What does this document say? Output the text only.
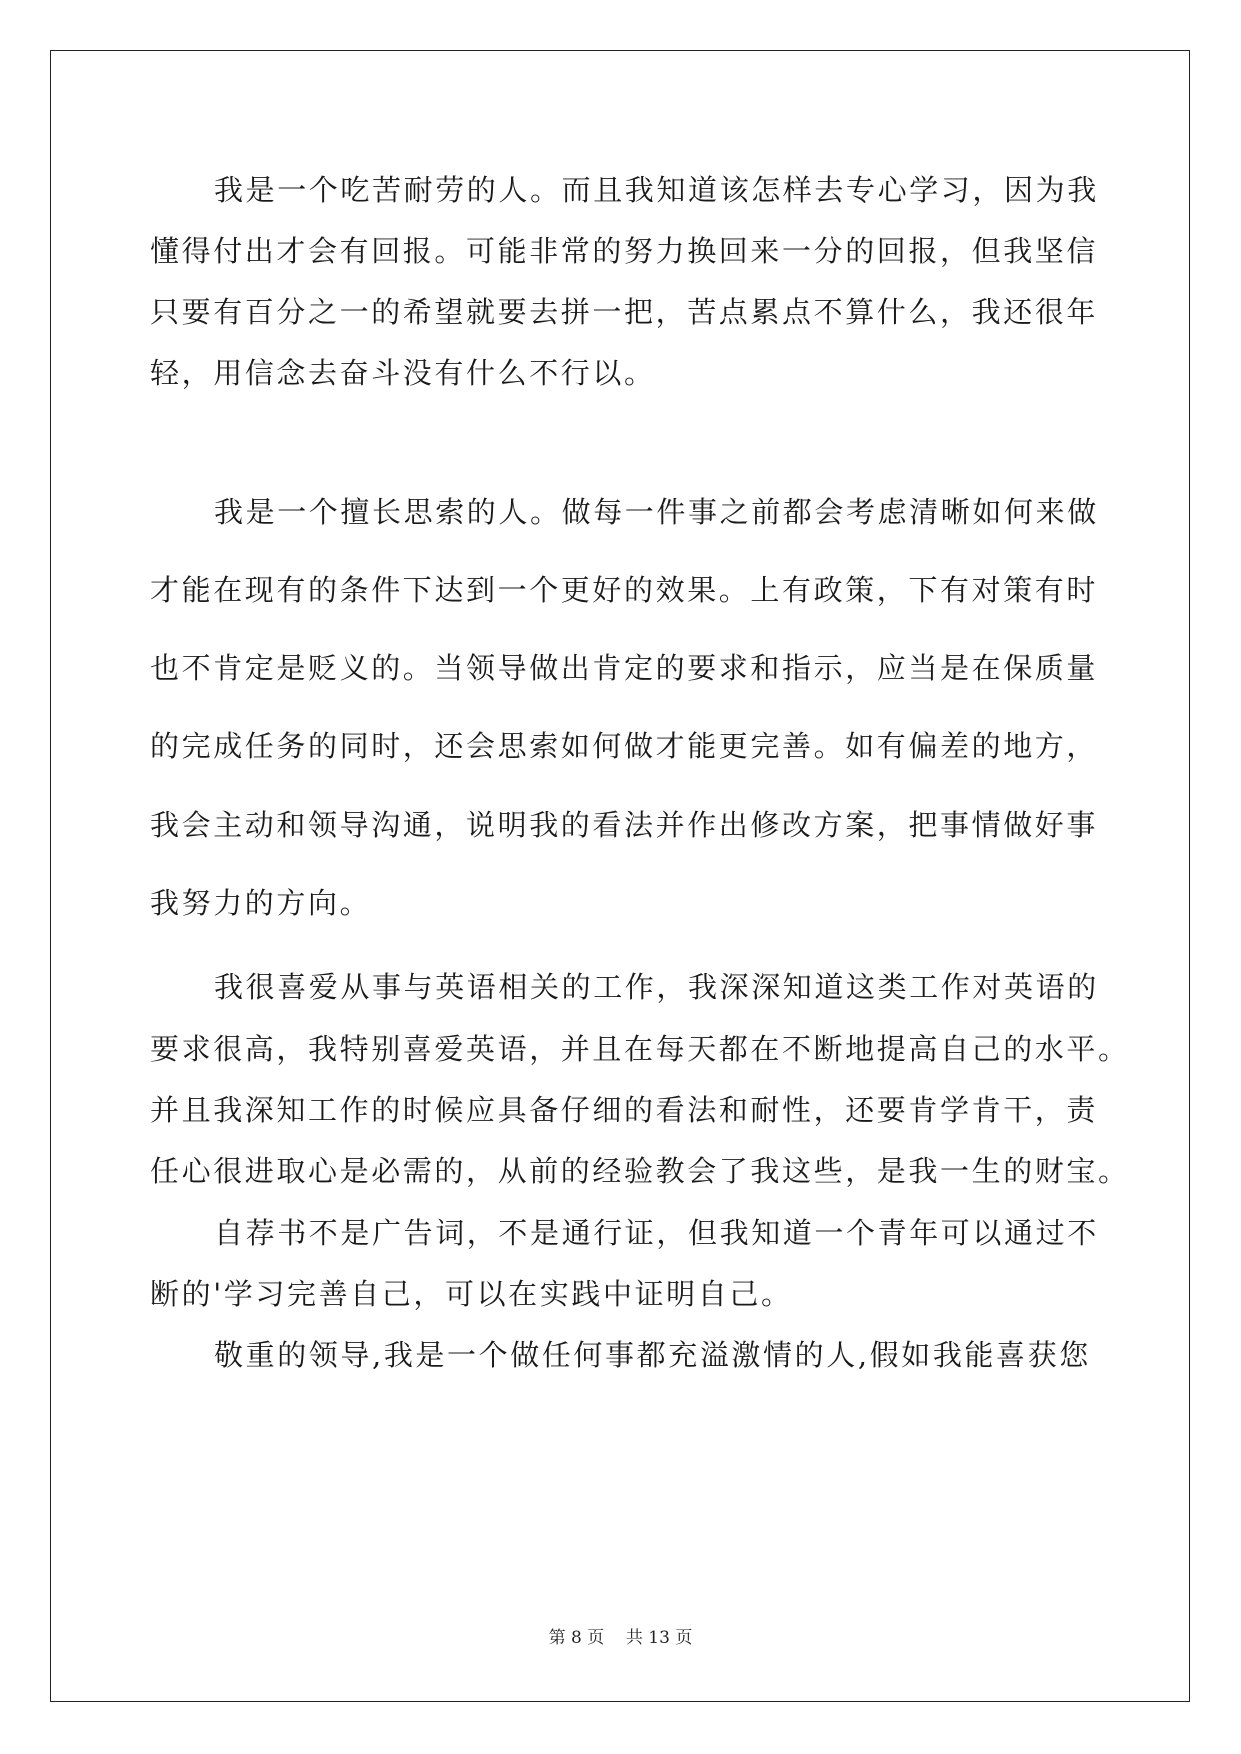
我是一个吃苦耐劳的人。而且我知道该怎样去专心学习，因为我
懂得付出才会有回报。可能非常的努力换回来一分的回报，但我坚信
只要有百分之一的希望就要去拼一把，苦点累点不算什么，我还很年
轻，用信念去奋斗没有什么不行以。
我是一个擅长思索的人。做每一件事之前都会考虑清晰如何来做
才能在现有的条件下达到一个更好的效果。上有政策，下有对策有时
也不肯定是贬义的。当领导做出肯定的要求和指示，应当是在保质量
的完成任务的同时，还会思索如何做才能更完善。如有偏差的地方，
我会主动和领导沟通，说明我的看法并作出修改方案，把事情做好事
我努力的方向。
我很喜爱从事与英语相关的工作，我深深知道这类工作对英语的
要求很高，我特别喜爱英语，并且在每天都在不断地提高自己的水平。
并且我深知工作的时候应具备仔细的看法和耐性，还要肯学肯干，责
任心很进取心是必需的，从前的经验教会了我这些，是我一生的财宝。
自荐书不是广告词，不是通行证，但我知道一个青年可以通过不
断的'学习完善自己，可以在实践中证明自己。
敬重的领导,我是一个做任何事都充溢激情的人,假如我能喜获您
第 8 页    共 13 页
